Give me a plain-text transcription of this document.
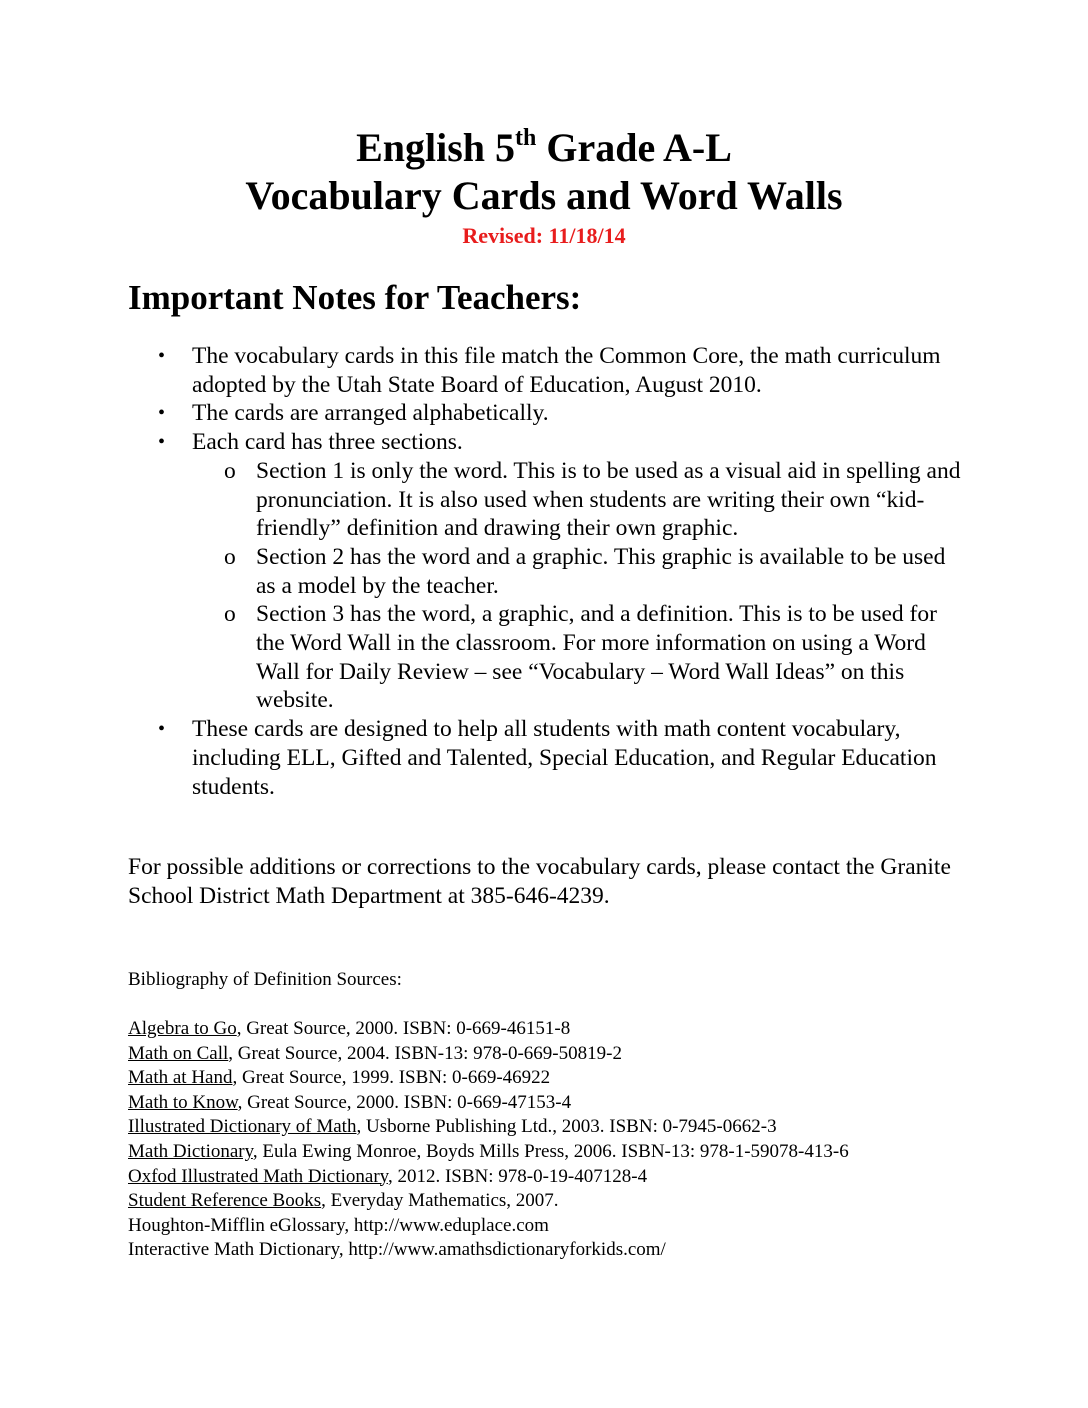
English 5th Grade A-L
Vocabulary Cards and Word Walls
Revised: 11/18/14
Important Notes for Teachers:
• The vocabulary cards in this file match the Common Core, the math curriculum adopted by the Utah State Board of Education, August 2010.
• The cards are arranged alphabetically.
• Each card has three sections.
o Section 1 is only the word. This is to be used as a visual aid in spelling and pronunciation. It is also used when students are writing their own “kid-friendly” definition and drawing their own graphic.
o Section 2 has the word and a graphic. This graphic is available to be used as a model by the teacher.
o Section 3 has the word, a graphic, and a definition. This is to be used for the Word Wall in the classroom. For more information on using a Word Wall for Daily Review – see “Vocabulary – Word Wall Ideas” on this website.
• These cards are designed to help all students with math content vocabulary, including ELL, Gifted and Talented, Special Education, and Regular Education students.

For possible additions or corrections to the vocabulary cards, please contact the Granite School District Math Department at 385-646-4239.

Bibliography of Definition Sources:

Algebra to Go, Great Source, 2000. ISBN: 0-669-46151-8
Math on Call, Great Source, 2004. ISBN-13: 978-0-669-50819-2
Math at Hand, Great Source, 1999. ISBN: 0-669-46922
Math to Know, Great Source, 2000. ISBN: 0-669-47153-4
Illustrated Dictionary of Math, Usborne Publishing Ltd., 2003. ISBN: 0-7945-0662-3
Math Dictionary, Eula Ewing Monroe, Boyds Mills Press, 2006. ISBN-13: 978-1-59078-413-6
Oxfod Illustrated Math Dictionary, 2012. ISBN: 978-0-19-407128-4
Student Reference Books, Everyday Mathematics, 2007.
Houghton-Mifflin eGlossary, http://www.eduplace.com
Interactive Math Dictionary, http://www.amathsdictionaryforkids.com/
